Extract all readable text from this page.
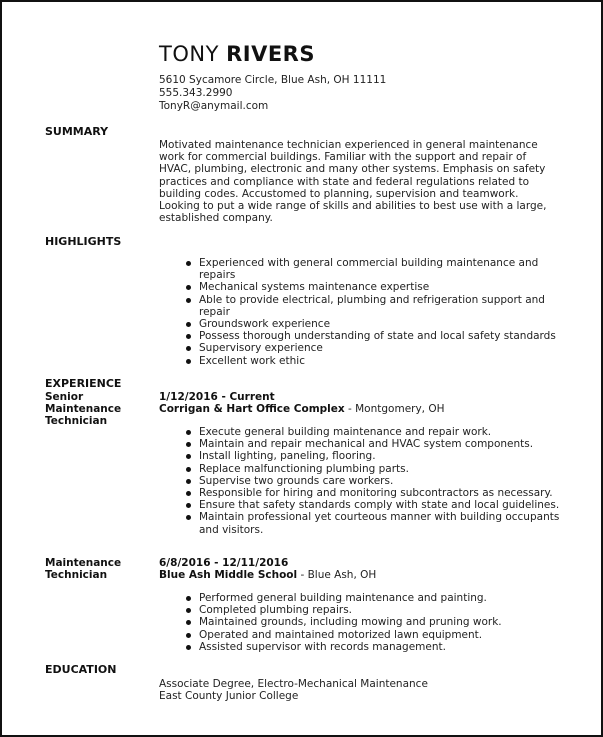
TONY RIVERS
5610 Sycamore Circle, Blue Ash, OH 11111
555.343.2990
TonyR@anymail.com
SUMMARY
Motivated maintenance technician experienced in general maintenance work for commercial buildings. Familiar with the support and repair of HVAC, plumbing, electronic and many other systems. Emphasis on safety practices and compliance with state and federal regulations related to building codes. Accustomed to planning, supervision and teamwork. Looking to put a wide range of skills and abilities to best use with a large, established company.
HIGHLIGHTS
Experienced with general commercial building maintenance and repairs
Mechanical systems maintenance expertise
Able to provide electrical, plumbing and refrigeration support and repair
Groundswork experience
Possess thorough understanding of state and local safety standards
Supervisory experience
Excellent work ethic
EXPERIENCE
Senior Maintenance Technician
1/12/2016 - Current
Corrigan & Hart Office Complex - Montgomery, OH
Execute general building maintenance and repair work.
Maintain and repair mechanical and HVAC system components.
Install lighting, paneling, flooring.
Replace malfunctioning plumbing parts.
Supervise two grounds care workers.
Responsible for hiring and monitoring subcontractors as necessary.
Ensure that safety standards comply with state and local guidelines.
Maintain professional yet courteous manner with building occupants and visitors.
Maintenance Technician
6/8/2016 - 12/11/2016
Blue Ash Middle School - Blue Ash, OH
Performed general building maintenance and painting.
Completed plumbing repairs.
Maintained grounds, including mowing and pruning work.
Operated and maintained motorized lawn equipment.
Assisted supervisor with records management.
EDUCATION
Associate Degree, Electro-Mechanical Maintenance
East County Junior College
